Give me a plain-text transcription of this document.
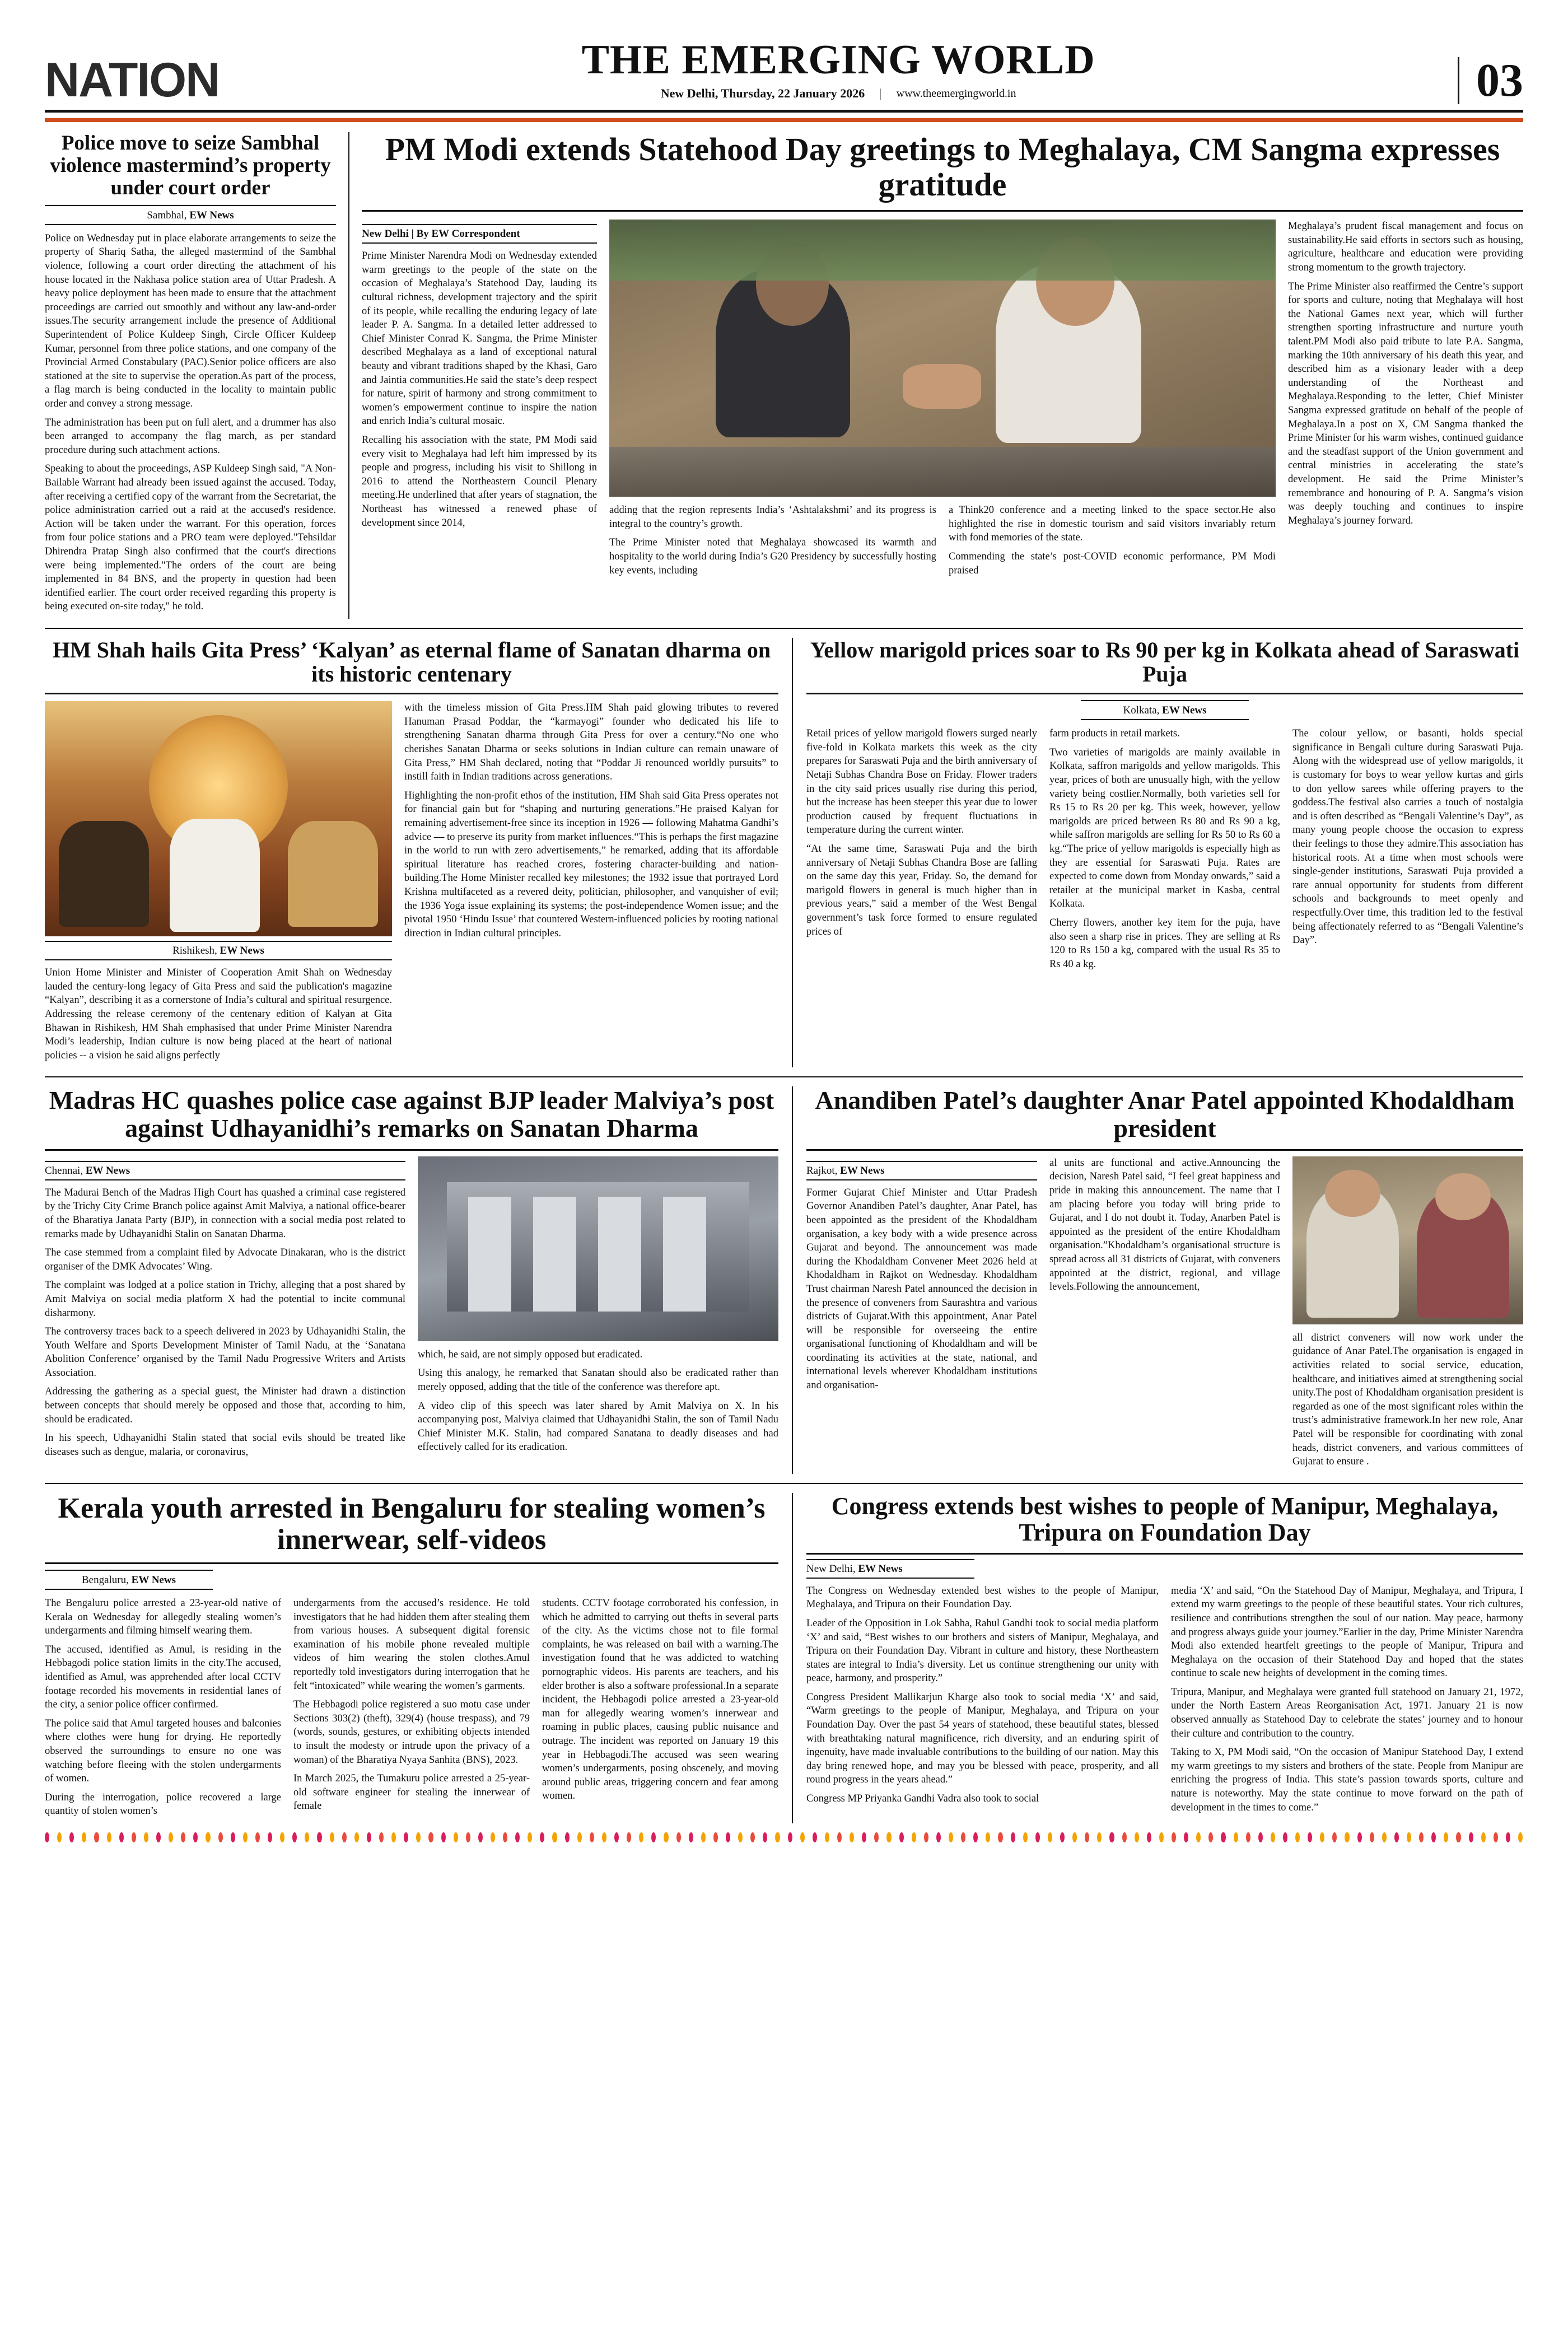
NATION	THE EMERGING WORLD
New Delhi, Thursday, 22 January 2026 | www.theemergingworld.in	03
Police move to seize Sambhal violence mastermind’s property under court order
Sambhal, EW News

Police on Wednesday put in place elaborate arrangements to seize the property of Shariq Satha, the alleged mastermind of the Sambhal violence, following a court order directing the attachment of his house located in the Nakhasa police station area of Uttar Pradesh. A heavy police deployment has been made to ensure that the attachment proceedings are carried out smoothly and without any law-and-order issues.The security arrangement include the presence of Additional Superintendent of Police Kuldeep Singh, Circle Officer Kuldeep Kumar, personnel from three police stations, and one company of the Provincial Armed Constabulary (PAC).Senior police officers are also stationed at the site to supervise the operation.As part of the process, a flag march is being conducted in the locality to maintain public order and convey a strong message.

The administration has been put on full alert, and a drummer has also been arranged to accompany the flag march, as per standard procedure during such attachment actions.

Speaking to about the proceedings, ASP Kuldeep Singh said, "A Non-Bailable Warrant had already been issued against the accused. Today, after receiving a certified copy of the warrant from the Secretariat, the police administration carried out a raid at the accused's residence. Action will be taken under the warrant. For this operation, forces from four police stations and a PRO team were deployed."Tehsildar Dhirendra Pratap Singh also confirmed that the court's directions were being implemented."The orders of the court are being implemented in 84 BNS, and the property in question had been identified earlier. The court order received regarding this property is being executed on-site today," he told.

PM Modi extends Statehood Day greetings to Meghalaya, CM Sangma expresses gratitude
New Delhi | By EW Correspondent

Prime Minister Narendra Modi on Wednesday extended warm greetings to the people of the state on the occasion of Meghalaya’s Statehood Day, lauding its cultural richness, development trajectory and the spirit of its people, while recalling the enduring legacy of late leader P. A. Sangma. In a detailed letter addressed to Chief Minister Conrad K. Sangma, the Prime Minister described Meghalaya as a land of exceptional natural beauty and vibrant traditions shaped by the Khasi, Garo and Jaintia communities.He said the state’s deep respect for nature, spirit of harmony and strong commitment to women’s empowerment continue to inspire the nation and enrich India’s cultural mosaic.

Recalling his association with the state, PM Modi said every visit to Meghalaya had left him impressed by its people and progress, including his visit to Shillong in 2016 to attend the Northeastern Council Plenary meeting.He underlined that after years of stagnation, the Northeast has witnessed a renewed phase of development since 2014,

adding that the region represents India’s ‘Ashtalakshmi’ and its progress is integral to the country’s growth.

The Prime Minister noted that Meghalaya showcased its warmth and hospitality to the world during India’s G20 Presidency by successfully hosting key events, including

a Think20 conference and a meeting linked to the space sector.He also highlighted the rise in domestic tourism and said visitors invariably return with fond memories of the state.

Commending the state’s post-COVID economic performance, PM Modi praised

Meghalaya’s prudent fiscal management and focus on sustainability.He said efforts in sectors such as housing, agriculture, healthcare and education were providing strong momentum to the growth trajectory.

The Prime Minister also reaffirmed the Centre’s support for sports and culture, noting that Meghalaya will host the National Games next year, which will further strengthen sporting infrastructure and nurture youth talent.PM Modi also paid tribute to late P.A. Sangma, marking the 10th anniversary of his death this year, and described him as a visionary leader with a deep understanding of the Northeast and Meghalaya.Responding to the letter, Chief Minister Sangma expressed gratitude on behalf of the people of Meghalaya.In a post on X, CM Sangma thanked the Prime Minister for his warm wishes, continued guidance and the steadfast support of the Union government and central ministries in accelerating the state’s development. He said the Prime Minister’s remembrance and honouring of P. A. Sangma’s vision was deeply touching and continues to inspire Meghalaya’s journey forward.

HM Shah hails Gita Press’ ‘Kalyan’ as eternal flame of Sanatan dharma on its historic centenary
Rishikesh, EW News

Union Home Minister and Minister of Cooperation Amit Shah on Wednesday lauded the century-long legacy of Gita Press and said the publication's magazine “Kalyan”, describing it as a cornerstone of India’s cultural and spiritual resurgence. Addressing the release ceremony of the centenary edition of Kalyan at Gita Bhawan in Rishikesh, HM Shah emphasised that under Prime Minister Narendra Modi’s leadership, Indian culture is now being placed at the heart of national policies -- a vision he said aligns perfectly

with the timeless mission of Gita Press.HM Shah paid glowing tributes to revered Hanuman Prasad Poddar, the “karmayogi” founder who dedicated his life to strengthening Sanatan dharma through Gita Press for over a century.“No one who cherishes Sanatan Dharma or seeks solutions in Indian culture can remain unaware of Gita Press,” HM Shah declared, noting that “Poddar Ji renounced worldly pursuits” to instill faith in Indian traditions across generations.

Highlighting the non-profit ethos of the institution, HM Shah said Gita Press operates not for financial gain but for “shaping and nurturing generations.”He praised Kalyan for remaining advertisement-free since its inception in 1926 — following Mahatma Gandhi’s advice — to preserve its purity from market influences.“This is perhaps the first magazine in the world to run with zero advertisements,” he remarked, adding that its affordable spiritual literature has reached crores, fostering character-building and nation-building.The Home Minister recalled key milestones; the 1932 issue that portrayed Lord Krishna multifaceted as a revered deity, politician, philosopher, and vanquisher of evil; the 1936 Yoga issue explaining its systems; the post-independence Women issue; and the pivotal 1950 ‘Hindu Issue’ that countered Western-influenced policies by rooting national direction in Indian cultural principles.

Yellow marigold prices soar to Rs 90 per kg in Kolkata ahead of Saraswati Puja
Kolkata, EW News

Retail prices of yellow marigold flowers surged nearly five-fold in Kolkata markets this week as the city prepares for Saraswati Puja and the birth anniversary of Netaji Subhas Chandra Bose on Friday. Flower traders in the city said prices usually rise during this period, but the increase has been steeper this year due to lower production caused by frequent fluctuations in temperature during the current winter.

“At the same time, Saraswati Puja and the birth anniversary of Netaji Subhas Chandra Bose are falling on the same day this year, Friday. So, the demand for marigold flowers in general is much higher than in previous years,” said a member of the West Bengal government’s task force formed to ensure regulated prices of

farm products in retail markets.

Two varieties of marigolds are mainly available in Kolkata, saffron marigolds and yellow marigolds. This year, prices of both are unusually high, with the yellow variety being costlier.Normally, both varieties sell for Rs 15 to Rs 20 per kg. This week, however, yellow marigolds are priced between Rs 80 and Rs 90 a kg, while saffron marigolds are selling for Rs 50 to Rs 60 a kg.“The price of yellow marigolds is especially high as they are essential for Saraswati Puja. Rates are expected to come down from Monday onwards,” said a retailer at the municipal market in Kasba, central Kolkata.

Cherry flowers, another key item for the puja, have also seen a sharp rise in prices. They are selling at Rs 120 to Rs 150 a kg, compared with the usual Rs 35 to Rs 40 a kg.

The colour yellow, or basanti, holds special significance in Bengali culture during Saraswati Puja. Along with the widespread use of yellow marigolds, it is customary for boys to wear yellow kurtas and girls to don yellow sarees while offering prayers to the goddess.The festival also carries a touch of nostalgia and is often described as “Bengali Valentine’s Day”, as many young people choose the occasion to express their feelings to those they admire.This association has historical roots. At a time when most schools were single-gender institutions, Saraswati Puja provided a rare annual opportunity for students from different schools and backgrounds to meet openly and respectfully.Over time, this tradition led to the festival being affectionately referred to as “Bengali Valentine’s Day”.

Madras HC quashes police case against BJP leader Malviya’s post against Udhayanidhi’s remarks on Sanatan Dharma
Chennai, EW News

The Madurai Bench of the Madras High Court has quashed a criminal case registered by the Trichy City Crime Branch police against Amit Malviya, a national office-bearer of the Bharatiya Janata Party (BJP), in connection with a social media post related to remarks made by Udhayanidhi Stalin on Sanatan Dharma.

The case stemmed from a complaint filed by Advocate Dinakaran, who is the district organiser of the DMK Advocates’ Wing.

The complaint was lodged at a police station in Trichy, alleging that a post shared by Amit Malviya on social media platform X had the potential to incite communal disharmony.

The controversy traces back to a speech delivered in 2023 by Udhayanidhi Stalin, the Youth Welfare and Sports Development Minister of Tamil Nadu, at the ‘Sanatana Abolition Conference’ organised by the Tamil Nadu Progressive Writers and Artists Association.

Addressing the gathering as a special guest, the Minister had drawn a distinction between concepts that should merely be opposed and those that, according to him, should be eradicated.

In his speech, Udhayanidhi Stalin stated that social evils should be treated like diseases such as dengue, malaria, or coronavirus,

which, he said, are not simply opposed but eradicated.

Using this analogy, he remarked that Sanatan should also be eradicated rather than merely opposed, adding that the title of the conference was therefore apt.

A video clip of this speech was later shared by Amit Malviya on X. In his accompanying post, Malviya claimed that Udhayanidhi Stalin, the son of Tamil Nadu Chief Minister M.K. Stalin, had compared Sanatana to deadly diseases and had effectively called for its eradication.

Anandiben Patel’s daughter Anar Patel appointed Khodaldham president
Rajkot, EW News

Former Gujarat Chief Minister and Uttar Pradesh Governor Anandiben Patel’s daughter, Anar Patel, has been appointed as the president of the Khodaldham organisation, a key body with a wide presence across Gujarat and beyond. The announcement was made during the Khodaldham Convener Meet 2026 held at Khodaldham in Rajkot on Wednesday. Khodaldham Trust chairman Naresh Patel announced the decision in the presence of conveners from Saurashtra and various districts of Gujarat.With this appointment, Anar Patel will be responsible for overseeing the entire organisational functioning of Khodaldham and will be coordinating its activities at the state, national, and international levels wherever Khodaldham institutions and organisation-

al units are functional and active.Announcing the decision, Naresh Patel said, “I feel great happiness and pride in making this announcement. The name that I am placing before you today will bring pride to Gujarat, and I do not doubt it. Today, Anarben Patel is appointed as the president of the entire Khodaldham organisation.”Khodaldham’s organisational structure is spread across all 31 districts of Gujarat, with conveners appointed at the district, regional, and village levels.Following the announcement,

all district conveners will now work under the guidance of Anar Patel.The organisation is engaged in activities related to social service, education, healthcare, and initiatives aimed at strengthening social unity.The post of Khodaldham organisation president is regarded as one of the most significant roles within the trust’s administrative framework.In her new role, Anar Patel will be responsible for coordinating with zonal heads, district conveners, and various committees of Gujarat to ensure .

Kerala youth arrested in Bengaluru for stealing women’s innerwear, self-videos
Bengaluru, EW News

The Bengaluru police arrested a 23-year-old native of Kerala on Wednesday for allegedly stealing women’s undergarments and filming himself wearing them.

The accused, identified as Amul, is residing in the Hebbagodi police station limits in the city.The accused, identified as Amul, was apprehended after local CCTV footage recorded his movements in residential lanes of the city, a senior police officer confirmed.

The police said that Amul targeted houses and balconies where clothes were hung for drying. He reportedly observed the surroundings to ensure no one was watching before fleeing with the stolen undergarments of women.

During the interrogation, police recovered a large quantity of stolen women’s

undergarments from the accused’s residence. He told investigators that he had hidden them after stealing them from various houses. A subsequent digital forensic examination of his mobile phone revealed multiple videos of him wearing the stolen clothes.Amul reportedly told investigators during interrogation that he felt “intoxicated” while wearing the women’s garments.

The Hebbagodi police registered a suo motu case under Sections 303(2) (theft), 329(4) (house trespass), and 79 (words, sounds, gestures, or exhibiting objects intended to insult the modesty or intrude upon the privacy of a woman) of the Bharatiya Nyaya Sanhita (BNS), 2023.

In March 2025, the Tumakuru police arrested a 25-year-old software engineer for stealing the innerwear of female

students. CCTV footage corroborated his confession, in which he admitted to carrying out thefts in several parts of the city. As the victims chose not to file formal complaints, he was released on bail with a warning.The investigation found that he was addicted to watching pornographic videos. His parents are teachers, and his elder brother is also a software professional.In a separate incident, the Hebbagodi police arrested a 23-year-old man for allegedly wearing women’s innerwear and roaming in public places, causing public nuisance and outrage. The incident was reported on January 19 this year in Hebbagodi.The accused was seen wearing women’s undergarments, posing obscenely, and moving around public areas, triggering concern and fear among women.

Congress extends best wishes to people of Manipur, Meghalaya, Tripura on Foundation Day
New Delhi, EW News

The Congress on Wednesday extended best wishes to the people of Manipur, Meghalaya, and Tripura on their Foundation Day.

Leader of the Opposition in Lok Sabha, Rahul Gandhi took to social media platform ‘X’ and said, “Best wishes to our brothers and sisters of Manipur, Meghalaya, and Tripura on their Foundation Day. Vibrant in culture and history, these Northeastern states are integral to India’s diversity. Let us continue strengthening our unity with peace, harmony, and prosperity.”

Congress President Mallikarjun Kharge also took to social media ‘X’ and said, “Warm greetings to the people of Manipur, Meghalaya, and Tripura on your Foundation Day. Over the past 54 years of statehood, these beautiful states, blessed with breathtaking natural magnificence, rich diversity, and an enduring spirit of ingenuity, have made invaluable contributions to the building of our nation. May this day bring renewed hope, and may you be blessed with peace, prosperity, and all round progress in the years ahead.”

Congress MP Priyanka Gandhi Vadra also took to social

media ‘X’ and said, “On the Statehood Day of Manipur, Meghalaya, and Tripura, I extend my warm greetings to the people of these beautiful states. Your rich cultures, resilience and contributions strengthen the soul of our nation. May peace, harmony and progress always guide your journey.”Earlier in the day, Prime Minister Narendra Modi also extended heartfelt greetings to the people of Manipur, Tripura and Meghalaya on the occasion of their Statehood Day and hoped that the states continue to scale new heights of development in the coming times.

Tripura, Manipur, and Meghalaya were granted full statehood on January 21, 1972, under the North Eastern Areas Reorganisation Act, 1971. January 21 is now observed annually as Statehood Day to celebrate the states’ journey and to honour their culture and contribution to the country.

Taking to X, PM Modi said, “On the occasion of Manipur Statehood Day, I extend my warm greetings to my sisters and brothers of the state. People from Manipur are enriching the progress of India. This state’s passion towards sports, culture and nature is noteworthy. May the state continue to move forward on the path of development in the times to come.”
